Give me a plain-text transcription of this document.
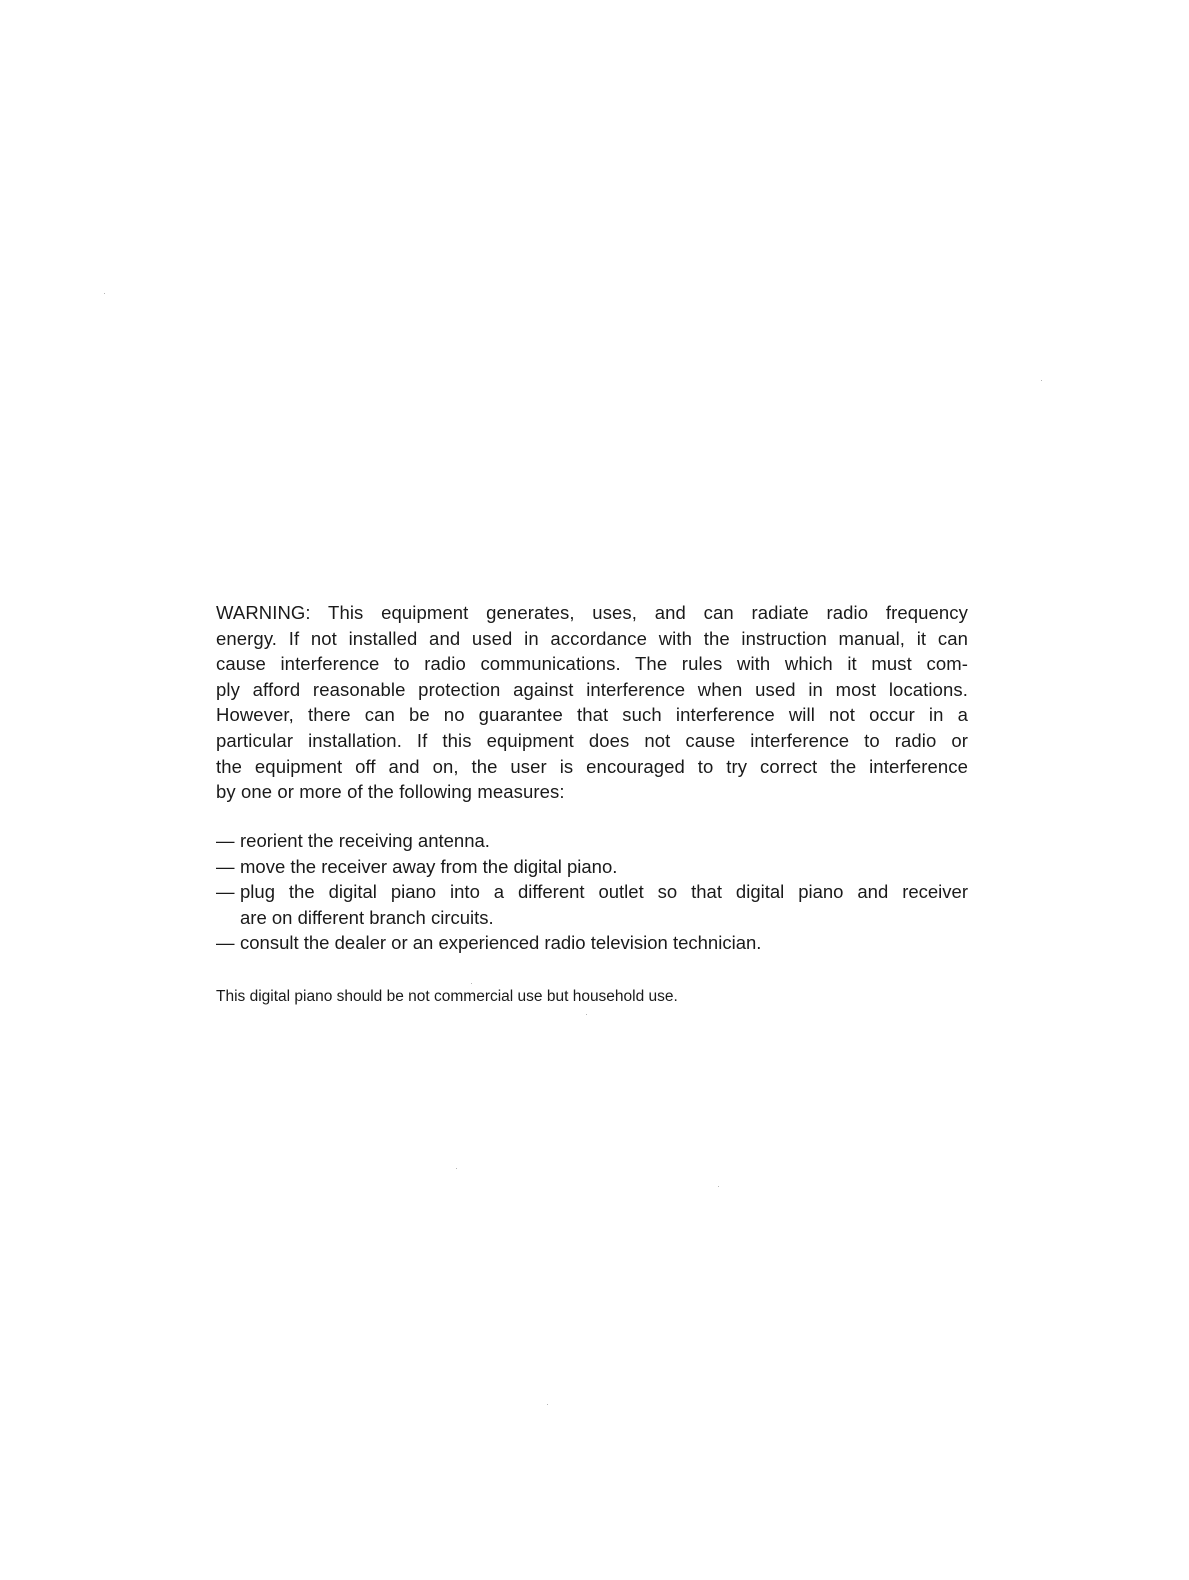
WARNING: This equipment generates, uses, and can radiate radio frequency
energy. If not installed and used in accordance with the instruction manual, it can
cause interference to radio communications. The rules with which it must com-
ply afford reasonable protection against interference when used in most locations.
However, there can be no guarantee that such interference will not occur in a
particular installation. If this equipment does not cause interference to radio or
the equipment off and on, the user is encouraged to try correct the interference
by one or more of the following measures:
— reorient the receiving antenna.
— move the receiver away from the digital piano.
— plug the digital piano into a different outlet so that digital piano and receiver
are on different branch circuits.
— consult the dealer or an experienced radio television technician.
This digital piano should be not commercial use but household use.
